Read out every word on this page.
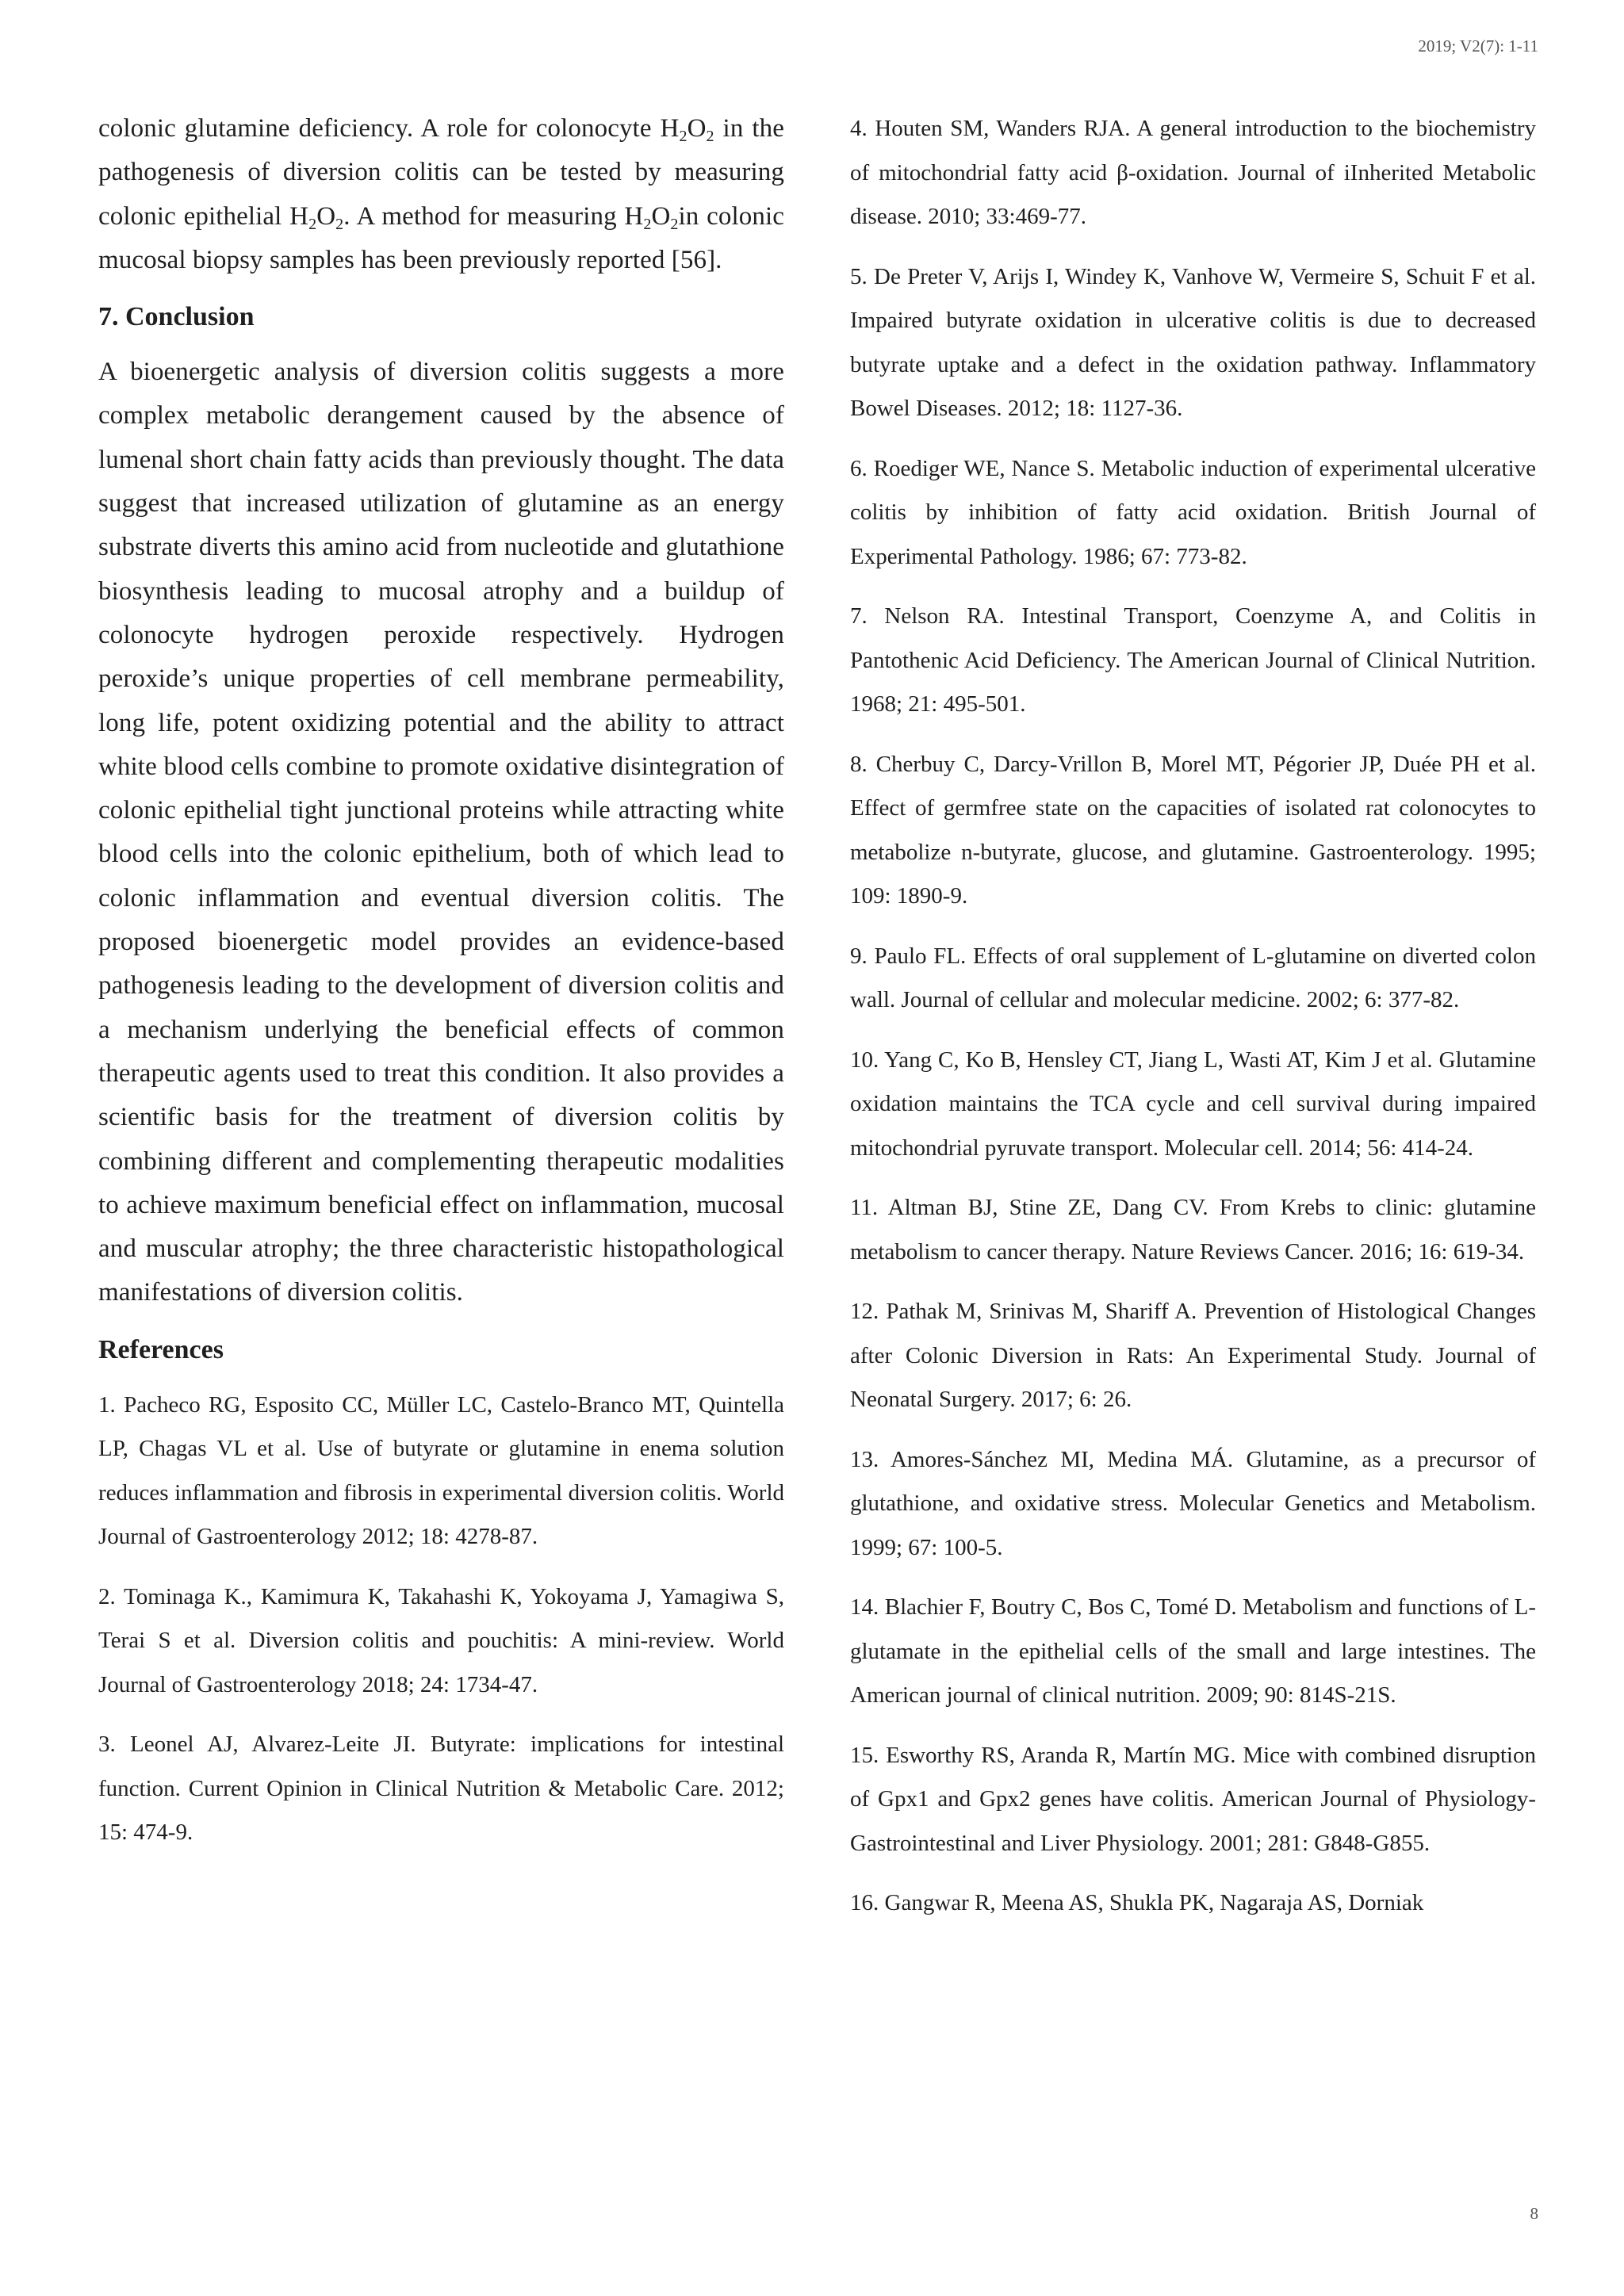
2019; V2(7): 1-11

colonic glutamine deficiency. A role for colonocyte $H_2O_2$ in the pathogenesis of diversion colitis can be tested by measuring colonic epithelial $H_2O_2$. A method for measuring $H_2O_2in$ colonic mucosal biopsy samples has been previously reported [56].

7. Conclusion

A bioenergetic analysis of diversion colitis suggests a more complex metabolic derangement caused by the absence of lumenal short chain fatty acids than previously thought. The data suggest that increased utilization of glutamine as an energy substrate diverts this amino acid from nucleotide and glutathione biosynthesis leading to mucosal atrophy and a buildup of colonocyte hydrogen peroxide respectively. Hydrogen peroxide’s unique properties of cell membrane permeability, long life, potent oxidizing potential and the ability to attract white blood cells combine to promote oxidative disintegration of colonic epithelial tight junctional proteins while attracting white blood cells into the colonic epithelium, both of which lead to colonic inflammation and eventual diversion colitis. The proposed bioenergetic model provides an evidence-based pathogenesis leading to the development of diversion colitis and a mechanism underlying the beneficial effects of common therapeutic agents used to treat this condition. It also provides a scientific basis for the treatment of diversion colitis by combining different and complementing therapeutic modalities to achieve maximum beneficial effect on inflammation, mucosal and muscular atrophy; the three characteristic histopathological manifestations of diversion colitis.

References

1. Pacheco RG, Esposito CC, Müller LC, Castelo-Branco MT, Quintella LP, Chagas VL et al. Use of butyrate or glutamine in enema solution reduces inflammation and fibrosis in experimental diversion colitis. World Journal of Gastroenterology 2012; 18: 4278-87.

2. Tominaga K., Kamimura K, Takahashi K, Yokoyama J, Yamagiwa S, Terai S et al. Diversion colitis and pouchitis: A mini-review. World Journal of Gastroenterology 2018; 24: 1734-47.

3. Leonel AJ, Alvarez-Leite JI. Butyrate: implications for intestinal function. Current Opinion in Clinical Nutrition & Metabolic Care. 2012; 15: 474-9.

4. Houten SM, Wanders RJA. A general introduction to the biochemistry of mitochondrial fatty acid β-oxidation. Journal of iInherited Metabolic disease. 2010; 33:469-77.

5. De Preter V, Arijs I, Windey K, Vanhove W, Vermeire S, Schuit F et al. Impaired butyrate oxidation in ulcerative colitis is due to decreased butyrate uptake and a defect in the oxidation pathway. Inflammatory Bowel Diseases. 2012; 18: 1127-36.

6. Roediger WE, Nance S. Metabolic induction of experimental ulcerative colitis by inhibition of fatty acid oxidation. British Journal of Experimental Pathology. 1986; 67: 773-82.

7. Nelson RA. Intestinal Transport, Coenzyme A, and Colitis in Pantothenic Acid Deficiency. The American Journal of Clinical Nutrition. 1968; 21: 495-501.

8. Cherbuy C, Darcy-Vrillon B, Morel MT, Pégorier JP, Duée PH et al. Effect of germfree state on the capacities of isolated rat colonocytes to metabolize n-butyrate, glucose, and glutamine. Gastroenterology. 1995; 109: 1890-9.

9. Paulo FL. Effects of oral supplement of L-glutamine on diverted colon wall. Journal of cellular and molecular medicine. 2002; 6: 377-82.

10. Yang C, Ko B, Hensley CT, Jiang L, Wasti AT, Kim J et al. Glutamine oxidation maintains the TCA cycle and cell survival during impaired mitochondrial pyruvate transport. Molecular cell. 2014; 56: 414-24.

11. Altman BJ, Stine ZE, Dang CV. From Krebs to clinic: glutamine metabolism to cancer therapy. Nature Reviews Cancer. 2016; 16: 619-34.

12. Pathak M, Srinivas M, Shariff A. Prevention of Histological Changes after Colonic Diversion in Rats: An Experimental Study. Journal of Neonatal Surgery. 2017; 6: 26.

13. Amores-Sánchez MI, Medina MÁ. Glutamine, as a precursor of glutathione, and oxidative stress. Molecular Genetics and Metabolism. 1999; 67: 100-5.

14. Blachier F, Boutry C, Bos C, Tomé D. Metabolism and functions of L-glutamate in the epithelial cells of the small and large intestines. The American journal of clinical nutrition. 2009; 90: 814S-21S.

15. Esworthy RS, Aranda R, Martín MG. Mice with combined disruption of Gpx1 and Gpx2 genes have colitis. American Journal of Physiology-Gastrointestinal and Liver Physiology. 2001; 281: G848-G855.

16. Gangwar R, Meena AS, Shukla PK, Nagaraja AS, Dorniak

8
